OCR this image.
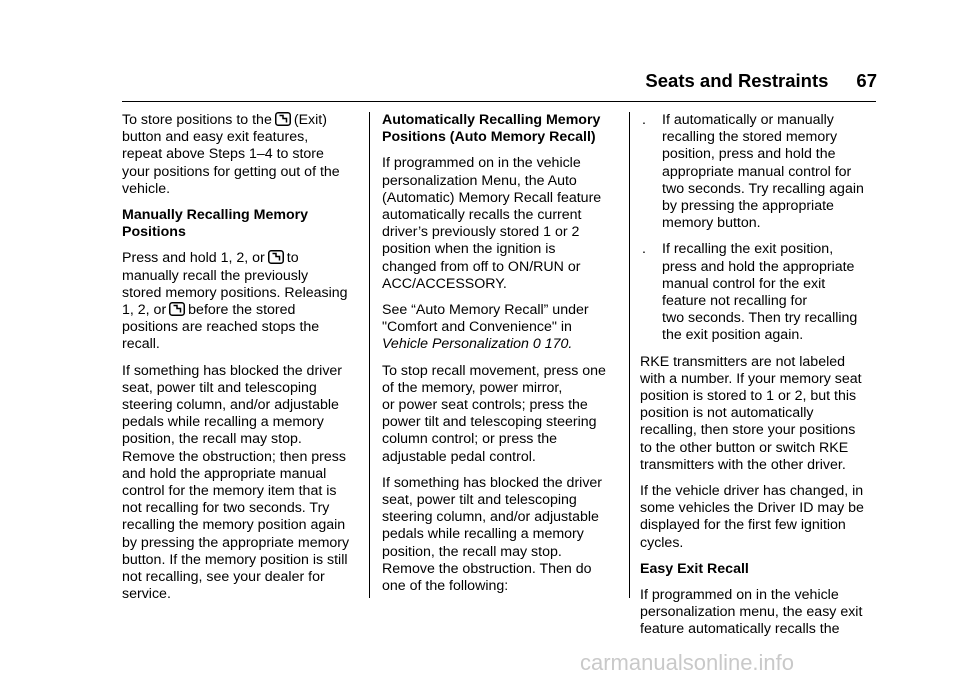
Seats and Restraints 67

To store positions to the (Exit)
button and easy exit features,
repeat above Steps 1–4 to store
your positions for getting out of the
vehicle.

Manually Recalling Memory
Positions

Press and hold 1, 2, or to
manually recall the previously
stored memory positions. Releasing
1, 2, or before the stored
positions are reached stops the
recall.

If something has blocked the driver
seat, power tilt and telescoping
steering column, and/or adjustable
pedals while recalling a memory
position, the recall may stop.
Remove the obstruction; then press
and hold the appropriate manual
control for the memory item that is
not recalling for two seconds. Try
recalling the memory position again
by pressing the appropriate memory
button. If the memory position is still
not recalling, see your dealer for
service.

Automatically Recalling Memory
Positions (Auto Memory Recall)

If programmed on in the vehicle
personalization Menu, the Auto
(Automatic) Memory Recall feature
automatically recalls the current
driver’s previously stored 1 or 2
position when the ignition is
changed from off to ON/RUN or
ACC/ACCESSORY.

See “Auto Memory Recall” under
"Comfort and Convenience" in
Vehicle Personalization 0 170.

To stop recall movement, press one
of the memory, power mirror,
or power seat controls; press the
power tilt and telescoping steering
column control; or press the
adjustable pedal control.

If something has blocked the driver
seat, power tilt and telescoping
steering column, and/or adjustable
pedals while recalling a memory
position, the recall may stop.
Remove the obstruction. Then do
one of the following:

. If automatically or manually
recalling the stored memory
position, press and hold the
appropriate manual control for
two seconds. Try recalling again
by pressing the appropriate
memory button.
. If recalling the exit position,
press and hold the appropriate
manual control for the exit
feature not recalling for
two seconds. Then try recalling
the exit position again.

RKE transmitters are not labeled
with a number. If your memory seat
position is stored to 1 or 2, but this
position is not automatically
recalling, then store your positions
to the other button or switch RKE
transmitters with the other driver.

If the vehicle driver has changed, in
some vehicles the Driver ID may be
displayed for the first few ignition
cycles.

Easy Exit Recall

If programmed on in the vehicle
personalization menu, the easy exit
feature automatically recalls the

carmanualsonline.info
